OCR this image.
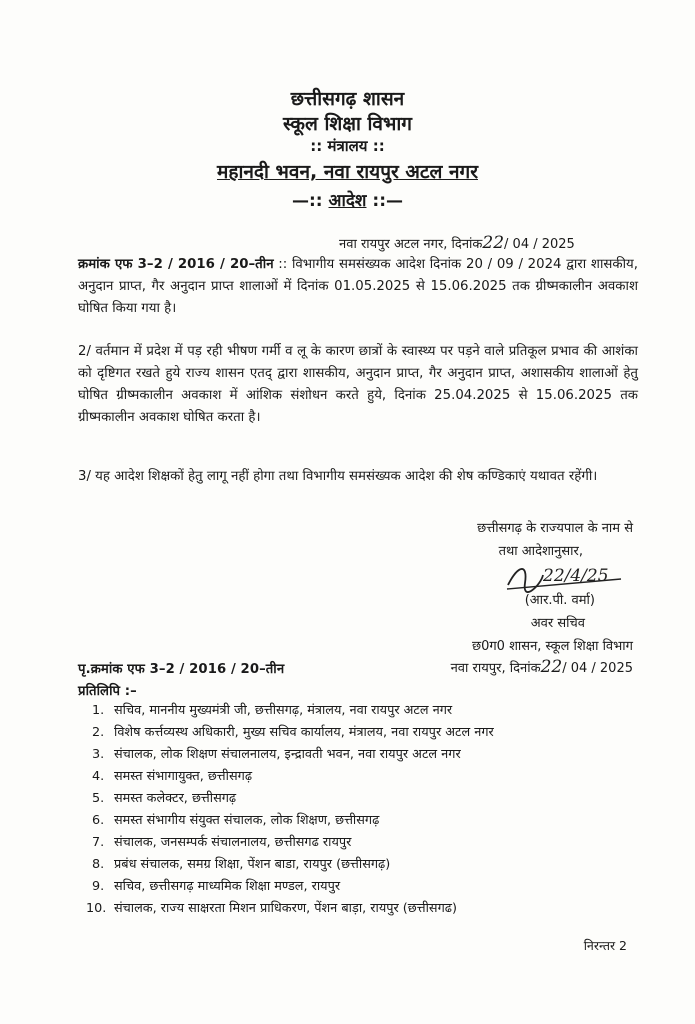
छत्तीसगढ़ शासन
स्कूल शिक्षा विभाग
:: मंत्रालय ::
महानदी भवन, नवा रायपुर अटल नगर
—:: आदेश ::—
नवा रायपुर अटल नगर, दिनांक22/ 04 / 2025
क्रमांक एफ 3–2 / 2016 / 20–तीन :: विभागीय समसंख्यक आदेश दिनांक 20 / 09 / 2024 द्वारा शासकीय, अनुदान प्राप्त, गैर अनुदान प्राप्त शालाओं में दिनांक 01.05.2025 से 15.06.2025 तक ग्रीष्मकालीन अवकाश घोषित किया गया है।
2/ वर्तमान में प्रदेश में पड़ रही भीषण गर्मी व लू के कारण छात्रों के स्वास्थ्य पर पड़ने वाले प्रतिकूल प्रभाव की आशंका को दृष्टिगत रखते हुये राज्य शासन एतद् द्वारा शासकीय, अनुदान प्राप्त, गैर अनुदान प्राप्त, अशासकीय शालाओं हेतु घोषित ग्रीष्मकालीन अवकाश में आंशिक संशोधन करते हुये, दिनांक 25.04.2025 से 15.06.2025 तक ग्रीष्मकालीन अवकाश घोषित करता है।
3/ यह आदेश शिक्षकों हेतु लागू नहीं होगा तथा विभागीय समसंख्यक आदेश की शेष कण्डिकाएं यथावत रहेंगी।
छत्तीसगढ़ के राज्यपाल के नाम से
तथा आदेशानुसार,
22/4/25
(आर.पी. वर्मा)
अवर सचिव
छ0ग0 शासन, स्कूल शिक्षा विभाग
पृ.क्रमांक एफ 3–2 / 2016 / 20–तीन	नवा रायपुर, दिनांक22/ 04 / 2025
प्रतिलिपि :–
1. सचिव, माननीय मुख्यमंत्री जी, छत्तीसगढ़, मंत्रालय, नवा रायपुर अटल नगर
2. विशेष कर्त्तव्यस्थ अधिकारी, मुख्य सचिव कार्यालय, मंत्रालय, नवा रायपुर अटल नगर
3. संचालक, लोक शिक्षण संचालनालय, इन्द्रावती भवन, नवा रायपुर अटल नगर
4. समस्त संभागायुक्त, छत्तीसगढ़
5. समस्त कलेक्टर, छत्तीसगढ़
6. समस्त संभागीय संयुक्त संचालक, लोक शिक्षण, छत्तीसगढ़
7. संचालक, जनसम्पर्क संचालनालय, छत्तीसगढ रायपुर
8. प्रबंध संचालक, समग्र शिक्षा, पेंशन बाडा, रायपुर (छत्तीसगढ़)
9. सचिव, छत्तीसगढ़ माध्यमिक शिक्षा मण्डल, रायपुर
10. संचालक, राज्य साक्षरता मिशन प्राधिकरण, पेंशन बाड़ा, रायपुर (छत्तीसगढ)
निरन्तर 2
